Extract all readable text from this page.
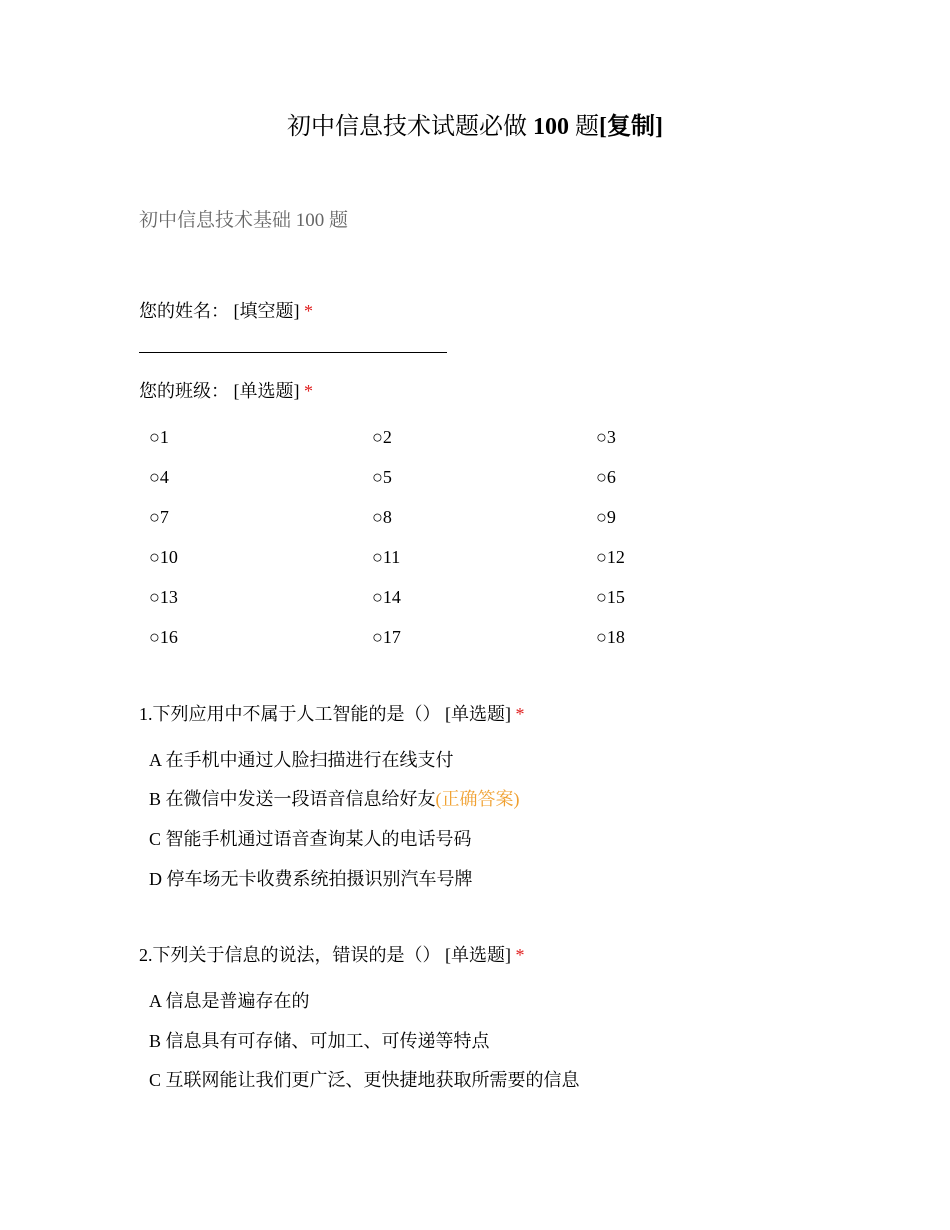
初中信息技术试题必做 100 题[复制]
初中信息技术基础 100 题
您的姓名： [填空题] *
您的班级： [单选题] *
○1	○2	○3
○4	○5	○6
○7	○8	○9
○10	○11	○12
○13	○14	○15
○16	○17	○18
1.下列应用中不属于人工智能的是（） [单选题] *
A 在手机中通过人脸扫描进行在线支付
B 在微信中发送一段语音信息给好友(正确答案)
C 智能手机通过语音查询某人的电话号码
D 停车场无卡收费系统拍摄识别汽车号牌
2.下列关于信息的说法，错误的是（） [单选题] *
A 信息是普遍存在的
B 信息具有可存储、可加工、可传递等特点
C 互联网能让我们更广泛、更快捷地获取所需要的信息
